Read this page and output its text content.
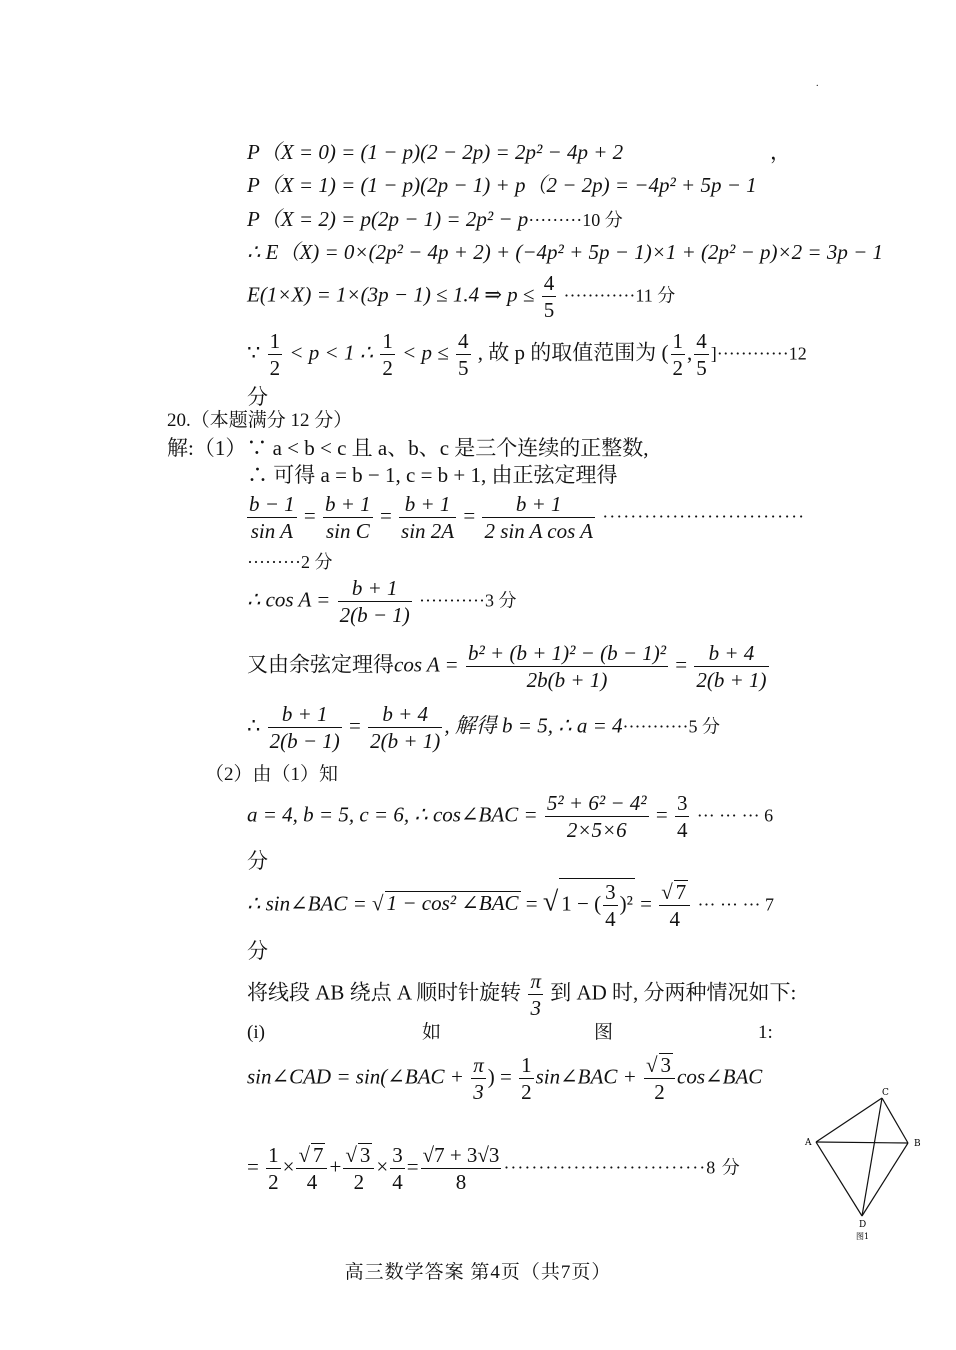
.
P（X = 0) = (1 − p)(2 − 2p) = 2p² − 4p + 2	，
P（X = 1) = (1 − p)(2p − 1) + p（2 − 2p) = −4p² + 5p − 1
P（X = 2) = p(2p − 1) = 2p² − p·········10 分
∴ E（X) = 0×(2p² − 4p + 2) + (−4p² + 5p − 1)×1 + (2p² − p)×2 = 3p − 1
E(1×X) = 1×(3p − 1) ≤ 1.4 ⇒ $p \le \frac{4}{5} \cdot\cdot\cdot\cdot\cdot\cdot\cdot\cdot\cdot\cdot\cdot\cdot 11$ 分
∵ $\frac{1}{2} < p < 1$ ∴ $\frac{1}{2} < p \le \frac{4}{5}$ , 故 p 的取值范围为 ( $\frac{1}{2}$ , $\frac{4}{5} ]\cdot\cdot\cdot\cdot\cdot\cdot\cdot\cdot\cdot\cdot\cdot\cdot 12$
分
20.（本题满分 12 分）
解:（1）∵ a < b < c 且 a、b、c 是三个连续的正整数,
∴ 可得 a = b − 1, c = b + 1, 由正弦定理得
$\frac{b - 1}{\text{sin A}} = \frac{b + 1}{\text{sin C}} = \frac{b + 1}{\sin 2A} = \frac{b + 1}{\text{2 sin A cos A}}$ ·····························
·········2 分
∴ $\cos A = \frac{b + 1}{2(b - 1)} \cdot\cdot\cdot\cdot\cdot\cdot\cdot\cdot\cdot\cdot\cdot 3$ 分
又由余弦定理得$\cos A = \frac{\text{b² + (b + 1)² − (b − 1)²}}{2b(b + 1)} = \frac{b + 4}{2(b + 1)}$
∴ $\frac{b + 1}{2(b - 1)} = \frac{b + 4}{2(b + 1)}$ , 解得 b = 5, ∴ a = 4···········5 分
（2）由（1）知
a = 4, b = 5, c = 6, ∴ cos∠BAC = $\frac{\text{5² + 6² − 4²}}{2\times 5\times 6} = \frac{3}{4}$ ··· ··· ··· 6
分
∴ sin∠BAC = √ 1 − cos² ∠BAC = √ 1 − ( $\frac{3}{4} )^2 = \frac{√ 7}{4}$ ··· ··· ··· 7
分
将线段 AB 绕点 A 顺时针旋转 $\frac{\pi}{3}$ 到 AD 时, 分两种情况如下:
(i)	如	图	1:
sin∠CAD = sin(∠BAC + $\frac{\pi}{3}$ ) = $\frac{1}{2}$ sin∠BAC + $\frac{√ 3}{2}$ cos∠BAC
= $\frac{1}{2} \times \frac{√ 7}{4} + \frac{√ 3}{2} \times \frac{3}{4} = \frac{√7 + 3√3}{8} \cdot\cdot\cdot\cdot\cdot\cdot\cdot\cdot\cdot\cdot\cdot\cdot\cdot\cdot\cdot\cdot\cdot\cdot\cdot\cdot\cdot\cdot\cdot\cdot\cdot\cdot\cdot\cdot\cdot 8$ 分
C
A	B
D
图1
高三数学答案 第4页（共7页）
